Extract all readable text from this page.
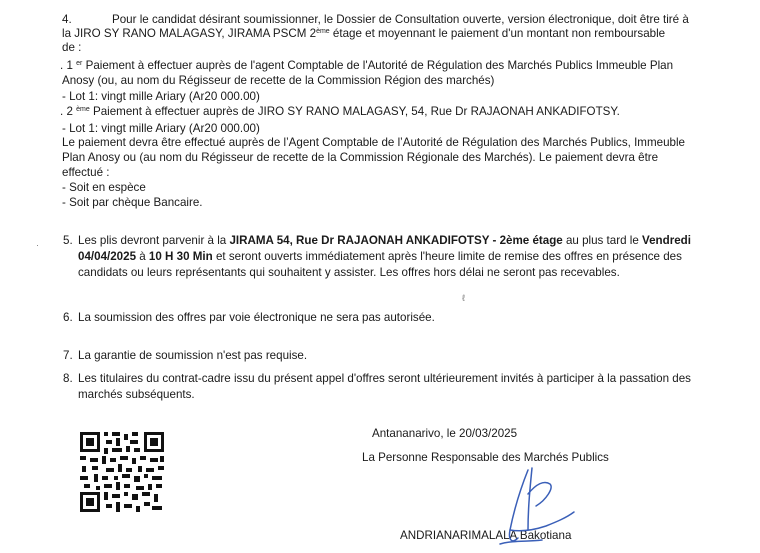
4.	Pour le candidat désirant soumissionner, le Dossier de Consultation ouverte, version électronique, doit être tiré à
la JIRO SY RANO MALAGASY, JIRAMA PSCM 2ème étage et moyennant le paiement d'un montant non remboursable
de :
. 1 $^{er}$ Paiement à effectuer auprès de l'agent Comptable de l'Autorité de Régulation des Marchés Publics Immeuble Plan
Anosy (ou, au nom du Régisseur de recette de la Commission Région des marchés)
- Lot 1: vingt mille Ariary (Ar20 000.00)
. 2 $^{ème}$ Paiement à effectuer auprès de JIRO SY RANO MALAGASY, 54, Rue Dr RAJAONAH ANKADIFOTSY.
- Lot 1: vingt mille Ariary (Ar20 000.00)
Le paiement devra être effectué auprès de l’Agent Comptable de l’Autorité de Régulation des Marchés Publics, Immeuble
Plan Anosy ou (au nom du Régisseur de recette de la Commission Régionale des Marchés). Le paiement devra être
effectué :
- Soit en espèce
- Soit par chèque Bancaire.
5. Les plis devront parvenir à la JIRAMA 54, Rue Dr RAJAONAH ANKADIFOTSY - 2ème étage au plus tard le Vendredi
04/04/2025 à 10 H 30 Min et seront ouverts immédiatement après l'heure limite de remise des offres en présence des
candidats ou leurs représentants qui souhaitent y assister. Les offres hors délai ne seront pas recevables.
6. La soumission des offres par voie électronique ne sera pas autorisée.
7. La garantie de soumission n'est pas requise.
8. Les titulaires du contrat-cadre issu du présent appel d'offres seront ultérieurement invités à participer à la passation des
marchés subséquents.
Antananarivo, le 20/03/2025
La Personne Responsable des Marchés Publics
ANDRIANARIMALALA Bakotiana
·
ℓ
